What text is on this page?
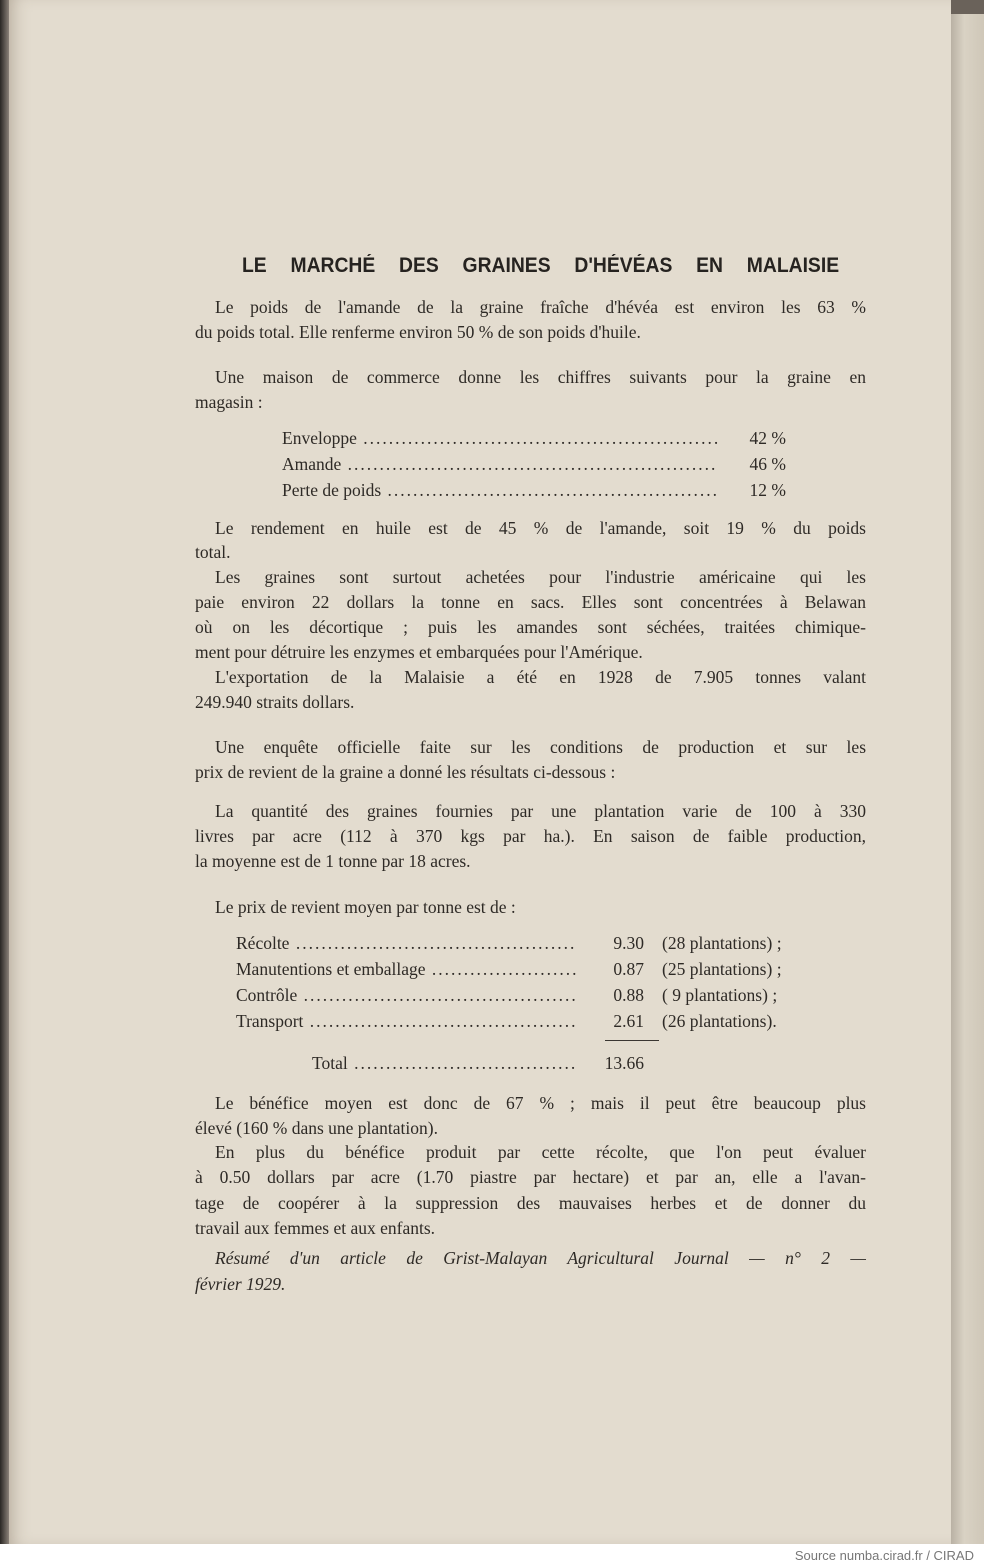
LE MARCHÉ DES GRAINES D'HÉVÉAS EN MALAISIE
Le poids de l'amande de la graine fraîche d'hévéa est environ les 63 %
du poids total. Elle renferme environ 50 % de son poids d'huile.
Une maison de commerce donne les chiffres suivants pour la graine en
magasin :
Le rendement en huile est de 45 % de l'amande, soit 19 % du poids
total.
Les graines sont surtout achetées pour l'industrie américaine qui les
paie environ 22 dollars la tonne en sacs. Elles sont concentrées à Belawan
où on les décortique ; puis les amandes sont séchées, traitées chimique-
ment pour détruire les enzymes et embarquées pour l'Amérique.
L'exportation de la Malaisie a été en 1928 de 7.905 tonnes valant
249.940 straits dollars.
Une enquête officielle faite sur les conditions de production et sur les
prix de revient de la graine a donné les résultats ci-dessous :
La quantité des graines fournies par une plantation varie de 100 à 330
livres par acre (112 à 370 kgs par ha.). En saison de faible production,
la moyenne est de 1 tonne par 18 acres.
Le prix de revient moyen par tonne est de :
Le bénéfice moyen est donc de 67 % ; mais il peut être beaucoup plus
élevé (160 % dans une plantation).
En plus du bénéfice produit par cette récolte, que l'on peut évaluer
à 0.50 dollars par acre (1.70 piastre par hectare) et par an, elle a l'avan-
tage de coopérer à la suppression des mauvaises herbes et de donner du
travail aux femmes et aux enfants.
Résumé d'un article de Grist-Malayan Agricultural Journal — n° 2 —
février 1929.
Enveloppe .....	42 %
Amande .....	46 %
Perte de poids .....	12 %
Récolte .....	9.30 (28 plantations) ;
Manutentions et emballage .....	0.87 (25 plantations) ;
Contrôle .....	0.88 ( 9 plantations) ;
Transport .....	2.61 (26 plantations).
Total .....	13.66
Source numba.cirad.fr / CIRAD
